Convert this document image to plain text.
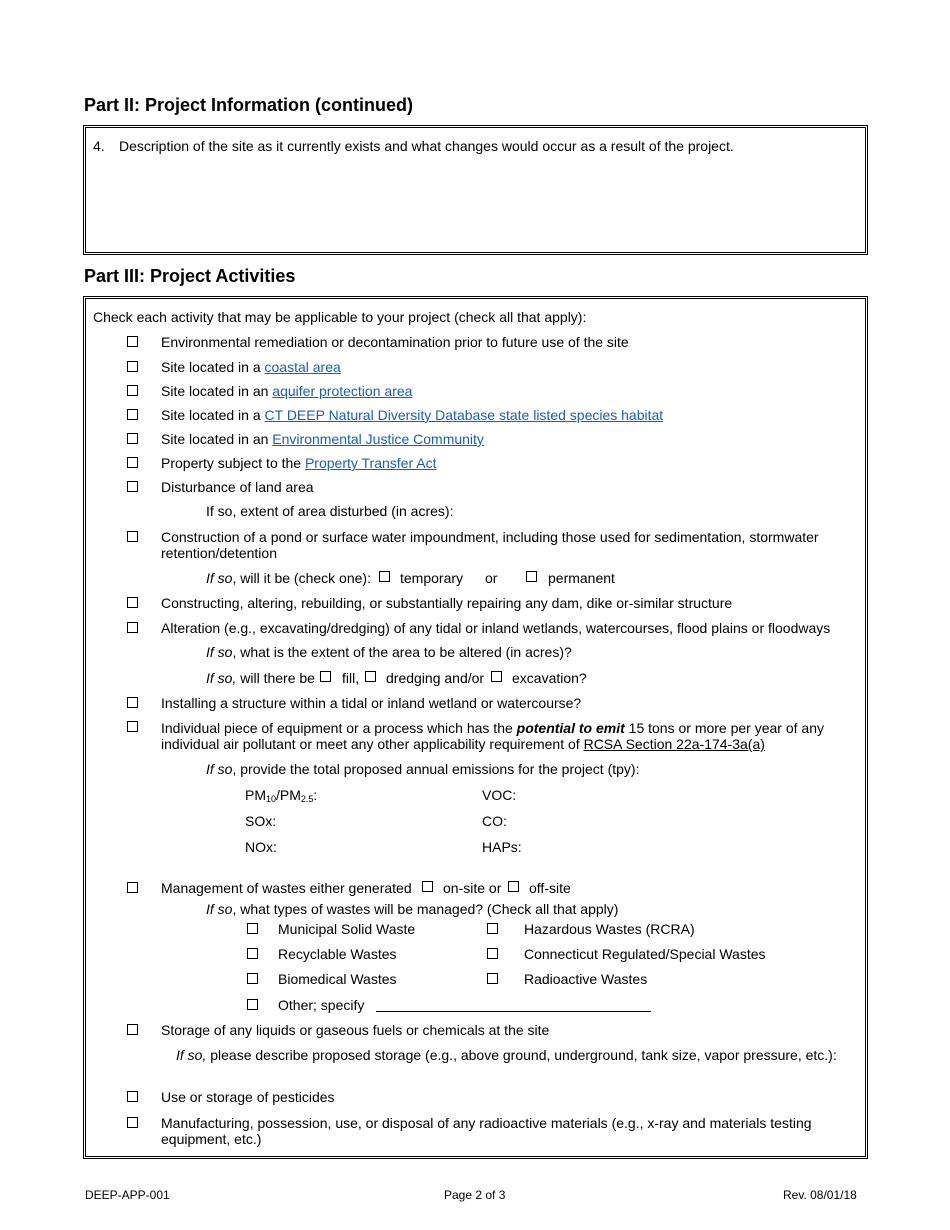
Part II: Project Information (continued)
4. Description of the site as it currently exists and what changes would occur as a result of the project.
Part III: Project Activities
Check each activity that may be applicable to your project (check all that apply):
Environmental remediation or decontamination prior to future use of the site
Site located in a coastal area
Site located in an aquifer protection area
Site located in a CT DEEP Natural Diversity Database state listed species habitat
Site located in an Environmental Justice Community
Property subject to the Property Transfer Act
Disturbance of land area
If so, extent of area disturbed (in acres):
Construction of a pond or surface water impoundment, including those used for sedimentation, stormwater
retention/detention
If so, will it be (check one): temporary or	permanent
Constructing, altering, rebuilding, or substantially repairing any dam, dike or-similar structure
Alteration (e.g., excavating/dredging) of any tidal or inland wetlands, watercourses, flood plains or floodways
If so, what is the extent of the area to be altered (in acres)?
If so, will there be fill, dredging and/or excavation?
Installing a structure within a tidal or inland wetland or watercourse?
Individual piece of equipment or a process which has the potential to emit 15 tons or more per year of any
individual air pollutant or meet any other applicability requirement of RCSA Section 22a-174-3a(a)
If so, provide the total proposed annual emissions for the project (tpy):
$PM_{10}/PM_{2.5}$:	VOC:
SOx:	CO:
NOx:	HAPs:
Management of wastes either generated on-site or off-site
If so, what types of wastes will be managed? (Check all that apply)
Municipal Solid Waste	Hazardous Wastes (RCRA)
Recyclable Wastes	Connecticut Regulated/Special Wastes
Biomedical Wastes	Radioactive Wastes
Other; specify
Storage of any liquids or gaseous fuels or chemicals at the site
If so, please describe proposed storage (e.g., above ground, underground, tank size, vapor pressure, etc.):
Use or storage of pesticides
Manufacturing, possession, use, or disposal of any radioactive materials (e.g., x-ray and materials testing
equipment, etc.)
DEEP-APP-001	Page 2 of 3	Rev. 08/01/18
